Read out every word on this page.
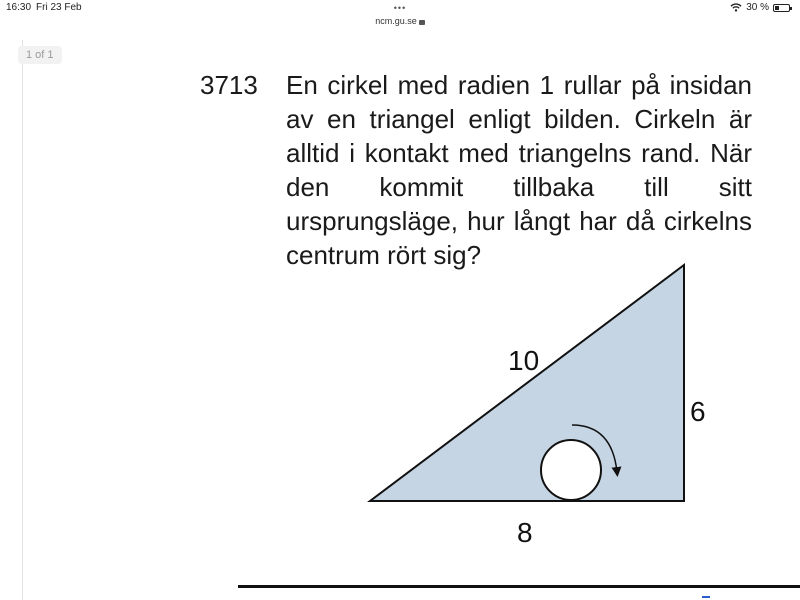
16:30 Fri 23 Feb	30 %
•••
ncm.gu.se
1 of 1
3713 En cirkel med radien 1 rullar på insidan av en triangel enligt bilden. Cirkeln är alltid i kontakt med triangelns rand. När den kommit tillbaka till sitt ursprungsläge, hur långt har då cirkelns centrum rört sig?
10
6
8
